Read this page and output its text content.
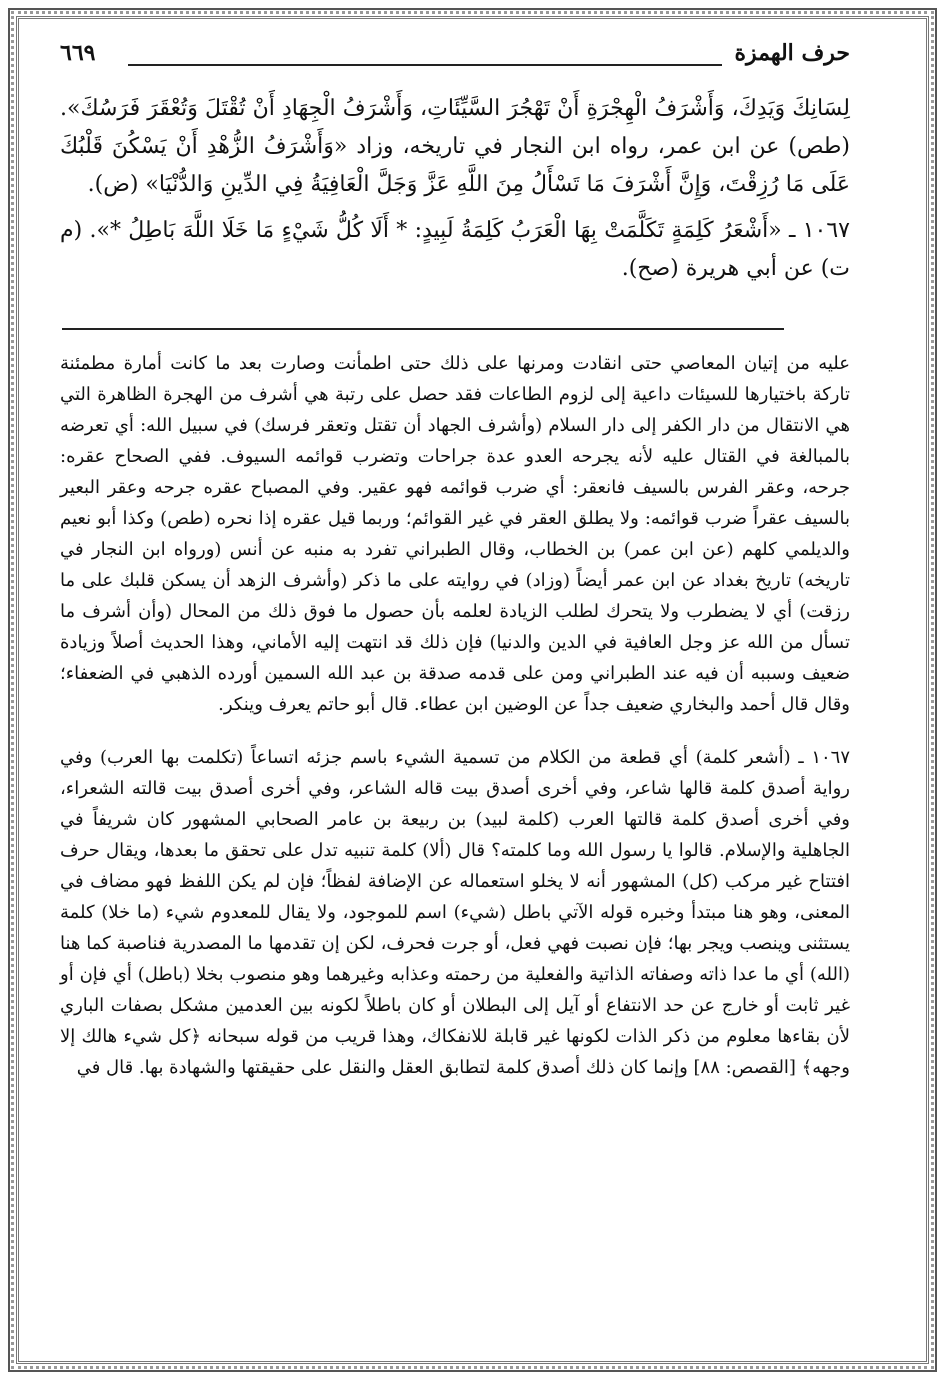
حرف الهمزة
٦٦٩

لِسَانِكَ وَيَدِكَ، وَأَشْرَفُ الْهِجْرَةِ أَنْ تَهْجُرَ السَّيِّئَاتِ، وَأَشْرَفُ الْجِهَادِ أَنْ تُقْتَلَ وَتُعْقَرَ فَرَسُكَ». (طص) عن ابن عمر، رواه ابن النجار في تاريخه، وزاد «وَأَشْرَفُ الزُّهْدِ أَنْ يَسْكُنَ قَلْبُكَ عَلَى مَا رُزِقْتَ، وَإِنَّ أَشْرَفَ مَا تَسْأَلُ مِنَ اللَّهِ عَزَّ وَجَلَّ الْعَافِيَةُ فِي الدِّينِ وَالدُّنْيَا» (ض).

١٠٦٧ ـ «أَشْعَرُ كَلِمَةٍ تَكَلَّمَتْ بِهَا الْعَرَبُ كَلِمَةُ لَبِيدٍ: * أَلَا كُلُّ شَيْءٍ مَا خَلَا اللَّهَ بَاطِلُ *». (م ت) عن أبي هريرة (صح).

عليه من إتيان المعاصي حتى انقادت ومرنها على ذلك حتى اطمأنت وصارت بعد ما كانت أمارة مطمئنة تاركة باختيارها للسيئات داعية إلى لزوم الطاعات فقد حصل على رتبة هي أشرف من الهجرة الظاهرة التي هي الانتقال من دار الكفر إلى دار السلام (وأشرف الجهاد أن تقتل وتعقر فرسك) في سبيل الله: أي تعرضه بالمبالغة في القتال عليه لأنه يجرحه العدو عدة جراحات وتضرب قوائمه السيوف. ففي الصحاح عقره: جرحه، وعقر الفرس بالسيف فانعقر: أي ضرب قوائمه فهو عقير. وفي المصباح عقره جرحه وعقر البعير بالسيف عقراً ضرب قوائمه: ولا يطلق العقر في غير القوائم؛ وربما قيل عقره إذا نحره (طص) وكذا أبو نعيم والديلمي كلهم (عن ابن عمر) بن الخطاب، وقال الطبراني تفرد به منبه عن أنس (ورواه ابن النجار في تاريخه) تاريخ بغداد عن ابن عمر أيضاً (وزاد) في روايته على ما ذكر (وأشرف الزهد أن يسكن قلبك على ما رزقت) أي لا يضطرب ولا يتحرك لطلب الزيادة لعلمه بأن حصول ما فوق ذلك من المحال (وأن أشرف ما تسأل من الله عز وجل العافية في الدين والدنيا) فإن ذلك قد انتهت إليه الأماني، وهذا الحديث أصلاً وزيادة ضعيف وسببه أن فيه عند الطبراني ومن على قدمه صدقة بن عبد الله السمين أورده الذهبي في الضعفاء؛ وقال قال أحمد والبخاري ضعيف جداً عن الوضين ابن عطاء. قال أبو حاتم يعرف وينكر.

١٠٦٧ ـ (أشعر كلمة) أي قطعة من الكلام من تسمية الشيء باسم جزئه اتساعاً (تكلمت بها العرب) وفي رواية أصدق كلمة قالها شاعر، وفي أخرى أصدق بيت قاله الشاعر، وفي أخرى أصدق بيت قالته الشعراء، وفي أخرى أصدق كلمة قالتها العرب (كلمة لبيد) بن ربيعة بن عامر الصحابي المشهور كان شريفاً في الجاهلية والإسلام. قالوا يا رسول الله وما كلمته؟ قال (ألا) كلمة تنبيه تدل على تحقق ما بعدها، ويقال حرف افتتاح غير مركب (كل) المشهور أنه لا يخلو استعماله عن الإضافة لفظاً؛ فإن لم يكن اللفظ فهو مضاف في المعنى، وهو هنا مبتدأ وخبره قوله الآتي باطل (شيء) اسم للموجود، ولا يقال للمعدوم شيء (ما خلا) كلمة يستثنى وينصب ويجر بها؛ فإن نصبت فهي فعل، أو جرت فحرف، لكن إن تقدمها ما المصدرية فناصبة كما هنا (الله) أي ما عدا ذاته وصفاته الذاتية والفعلية من رحمته وعذابه وغيرهما وهو منصوب بخلا (باطل) أي فإن أو غير ثابت أو خارج عن حد الانتفاع أو آيل إلى البطلان أو كان باطلاً لكونه بين العدمين مشكل بصفات الباري لأن بقاءها معلوم من ذكر الذات لكونها غير قابلة للانفكاك، وهذا قريب من قوله سبحانه ﴿كل شيء هالك إلا وجهه﴾ [القصص: ٨٨] وإنما كان ذلك أصدق كلمة لتطابق العقل والنقل على حقيقتها والشهادة بها. قال في
